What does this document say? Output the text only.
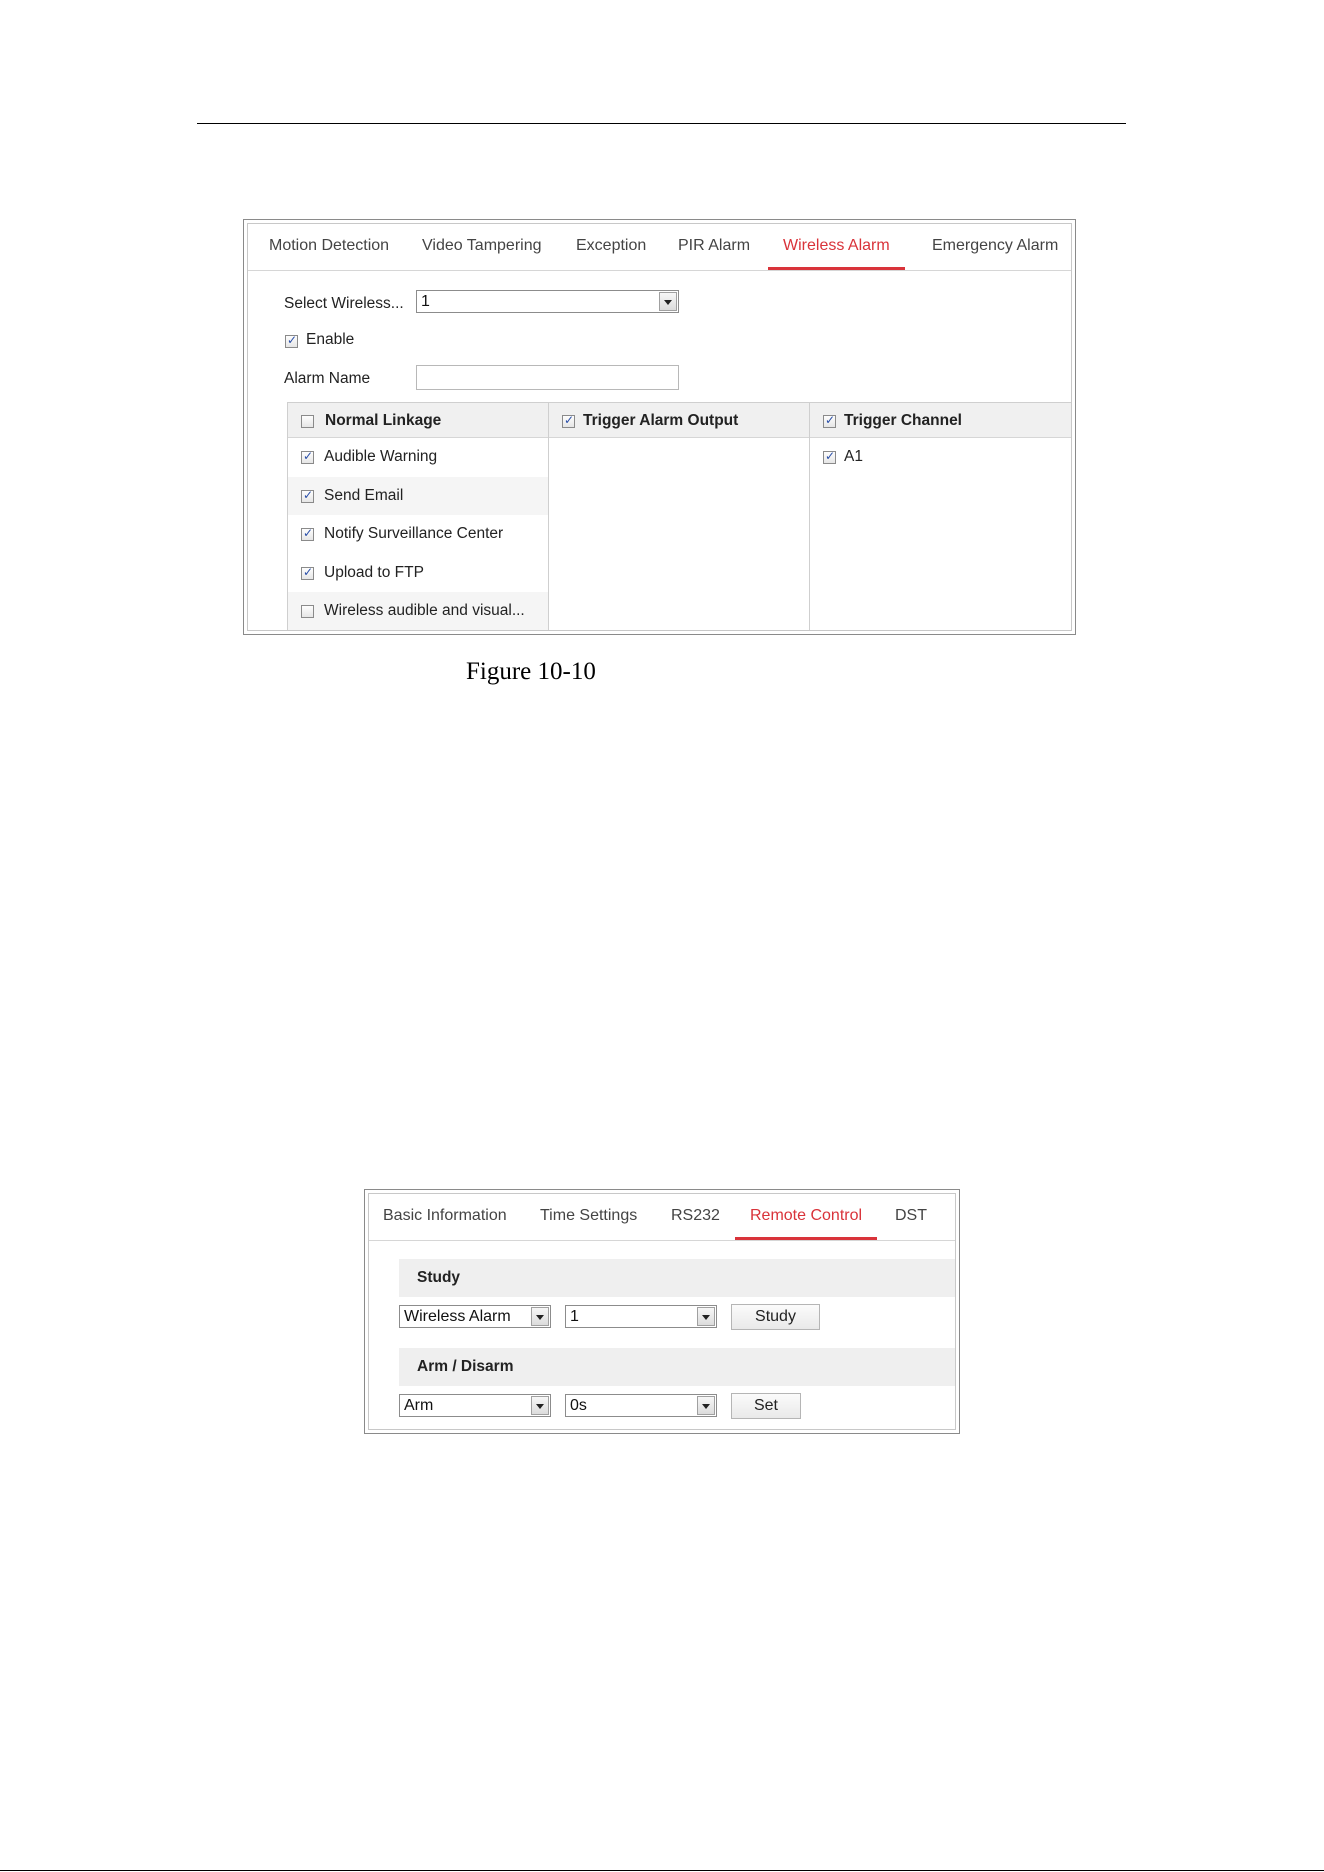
Motion Detection Video Tampering Exception PIR Alarm Wireless Alarm	Emergency Alarm
Select Wireless...	1
✓
Enable
Alarm Name
Normal Linkage
✓
Audible Warning
✓
Send Email
✓
Notify Surveillance Center
✓
Upload to FTP
Wireless audible and visual...
✓
Trigger Alarm Output
✓	Trigger Channel
✓
A1
Figure 10-10
Basic Information Time Settings RS232 Remote Control DST
Study
Wireless Alarm	1	Study
Arm / Disarm
Arm	0s	Set
